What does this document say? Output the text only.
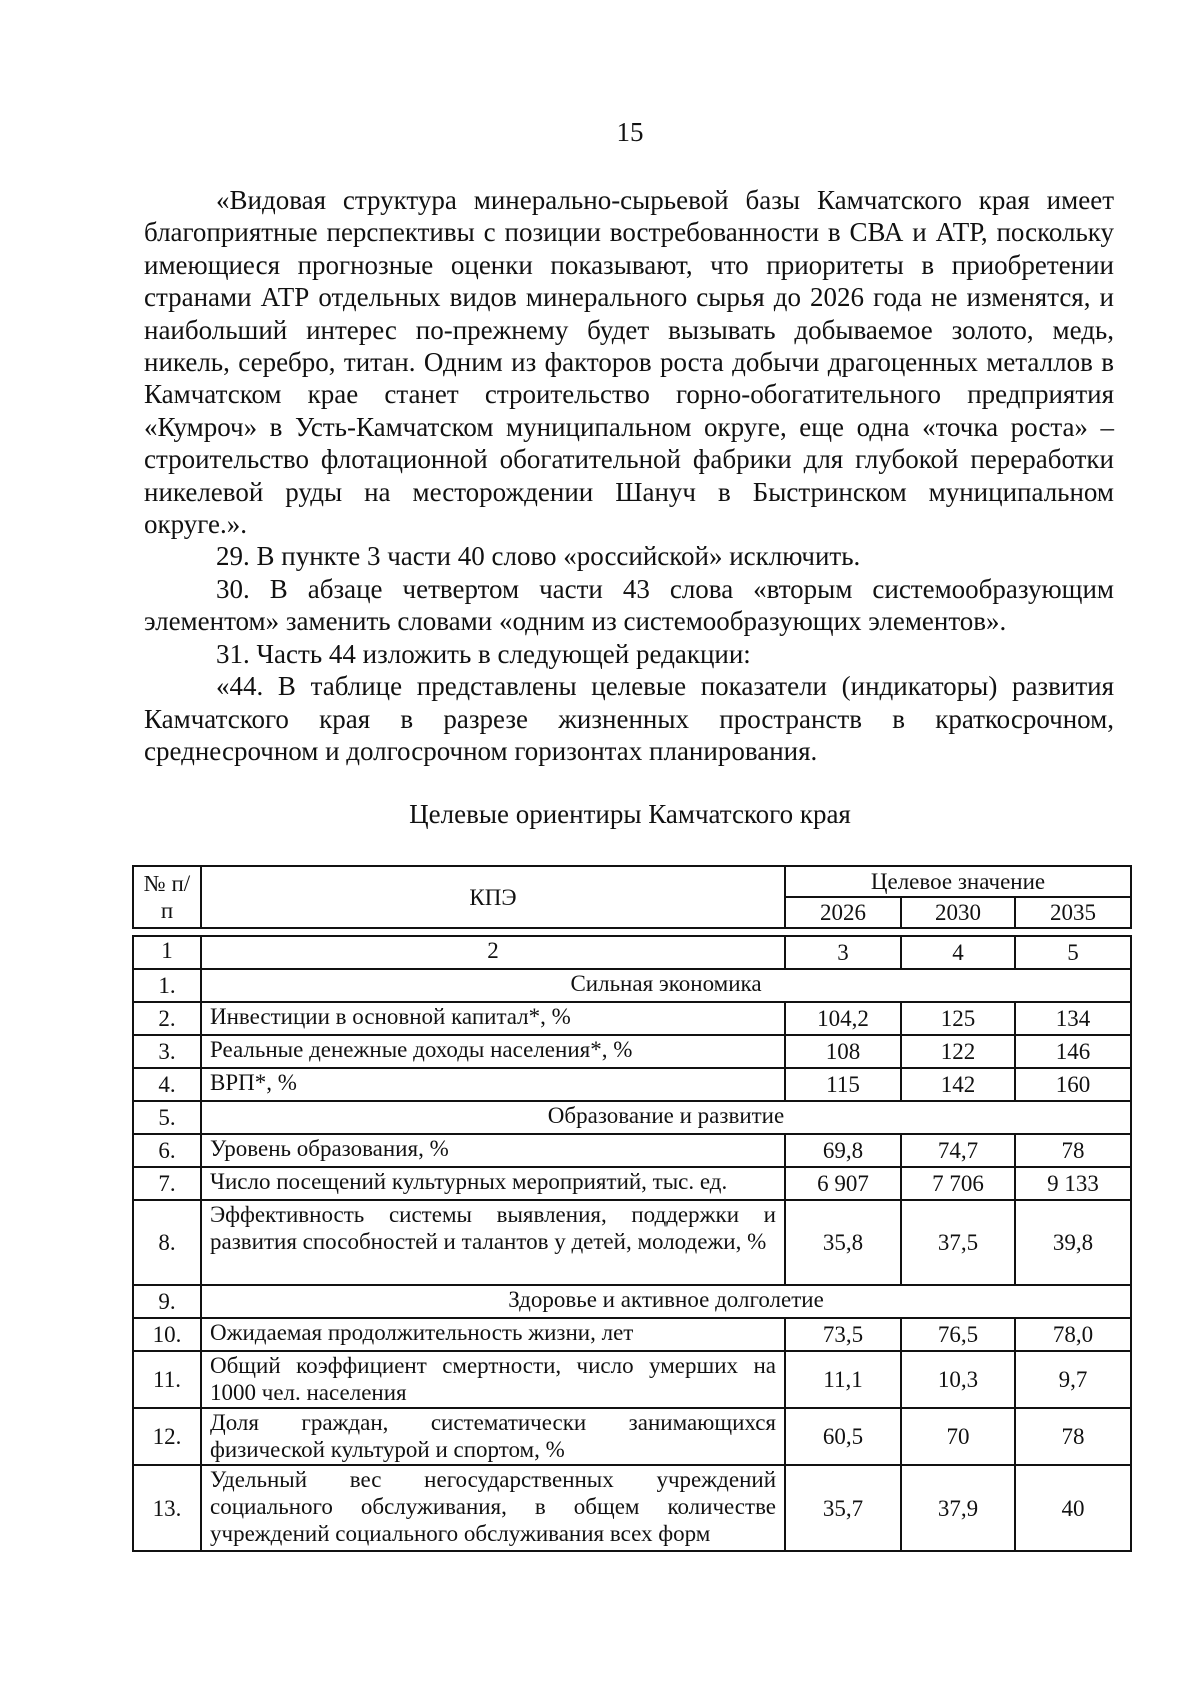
15

«Видовая структура минерально-сырьевой базы Камчатского края имеет благоприятные перспективы с позиции востребованности в СВА и АТР, поскольку имеющиеся прогнозные оценки показывают, что приоритеты в приобретении странами АТР отдельных видов минерального сырья до 2026 года не изменятся, и наибольший интерес по-прежнему будет вызывать добываемое золото, медь, никель, серебро, титан. Одним из факторов роста добычи драгоценных металлов в Камчатском крае станет строительство горно-обогатительного предприятия «Кумроч» в Усть-Камчатском муниципальном округе, еще одна «точка роста» – строительство флотационной обогатительной фабрики для глубокой переработки никелевой руды на месторождении Шануч в Быстринском муниципальном округе.».

29. В пункте 3 части 40 слово «российской» исключить.

30. В абзаце четвертом части 43 слова «вторым системообразующим элементом» заменить словами «одним из системообразующих элементов».

31. Часть 44 изложить в следующей редакции:

«44. В таблице представлены целевые показатели (индикаторы) развития Камчатского края в разрезе жизненных пространств в краткосрочном, среднесрочном и долгосрочном горизонтах планирования.

Целевые ориентиры Камчатского края
№ п/п	КПЭ	Целевое значение		
		2026	2030	2035

1	2	3	4	5
1.	Сильная экономика			
2.	Инвестиции в основной капитал*, %	104,2	125	134
3.	Реальные денежные доходы населения*, %	108	122	146
4.	ВРП*, %	115	142	160
5.	Образование и развитие			
6.	Уровень образования, %	69,8	74,7	78
7.	Число посещений культурных мероприятий, тыс. ед.	6 907	7 706	9 133
8.	Эффективность системы выявления, поддержки и развития способностей и талантов у детей, молодежи, %	35,8	37,5	39,8
9.	Здоровье и активное долголетие			
10.	Ожидаемая продолжительность жизни, лет	73,5	76,5	78,0
11.	Общий коэффициент смертности, число умерших на 1000 чел. населения	11,1	10,3	9,7
12.	Доля граждан, систематически занимающихся физической культурой и спортом, %	60,5	70	78
13.	Удельный вес негосударственных учреждений социального обслуживания, в общем количестве учреждений социального обслуживания всех форм	35,7	37,9	40
